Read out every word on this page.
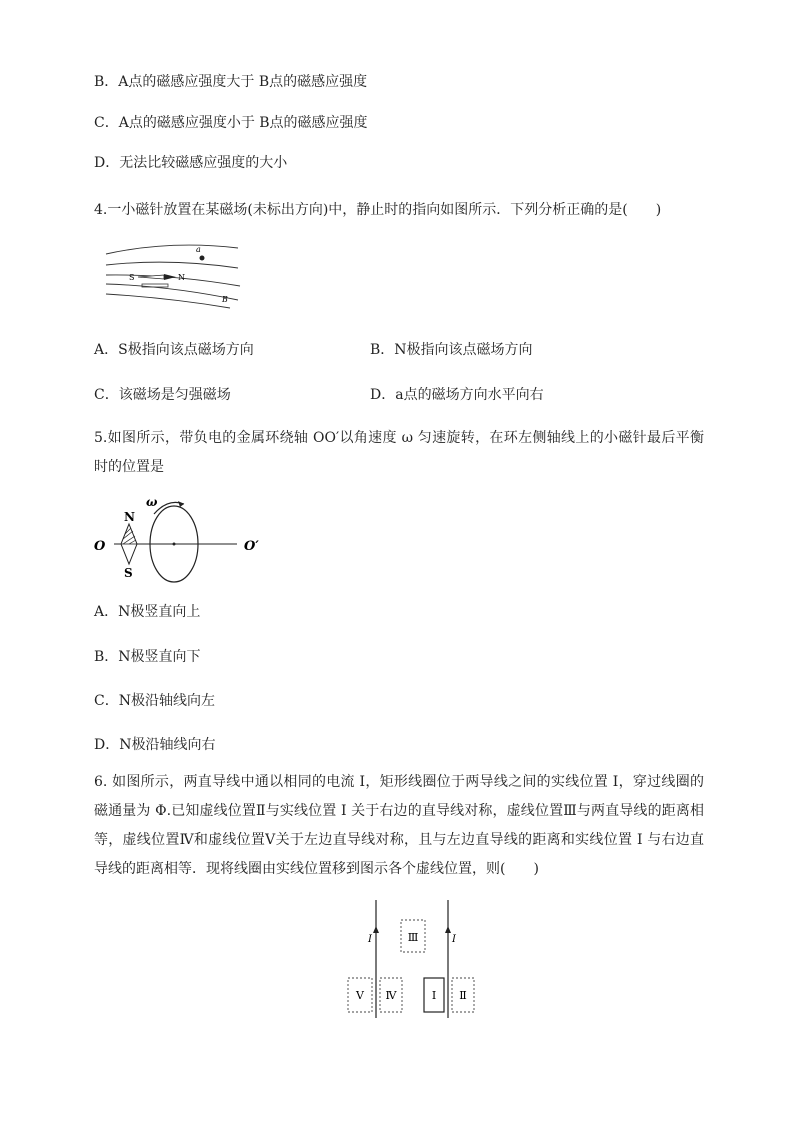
B．A点的磁感应强度大于 B点的磁感应强度
C．A点的磁感应强度小于 B点的磁感应强度
D．无法比较磁感应强度的大小
4.一小磁针放置在某磁场(未标出方向)中，静止时的指向如图所示．下列分析正确的是(　　)
a
S	N
B
A．S极指向该点磁场方向	B．N极指向该点磁场方向
C．该磁场是匀强磁场	D．a点的磁场方向水平向右
5.如图所示，带负电的金属环绕轴 OO′以角速度 ω 匀速旋转，在环左侧轴线上的小磁针最后平衡时的位置是
O	O′
ω
N
S
A．N极竖直向上
B．N极竖直向下
C．N极沿轴线向左
D．N极沿轴线向右
6. 如图所示，两直导线中通以相同的电流 I，矩形线圈位于两导线之间的实线位置 I，穿过线圈的磁通量为 Φ.已知虚线位置Ⅱ与实线位置 I 关于右边的直导线对称，虚线位置Ⅲ与两直导线的距离相等，虚线位置Ⅳ和虚线位置Ⅴ关于左边直导线对称，且与左边直导线的距离和实线位置 I 与右边直导线的距离相等．现将线圈由实线位置移到图示各个虚线位置，则(　　)
I	I
Ⅲ
Ⅴ Ⅳ	Ⅰ Ⅱ
